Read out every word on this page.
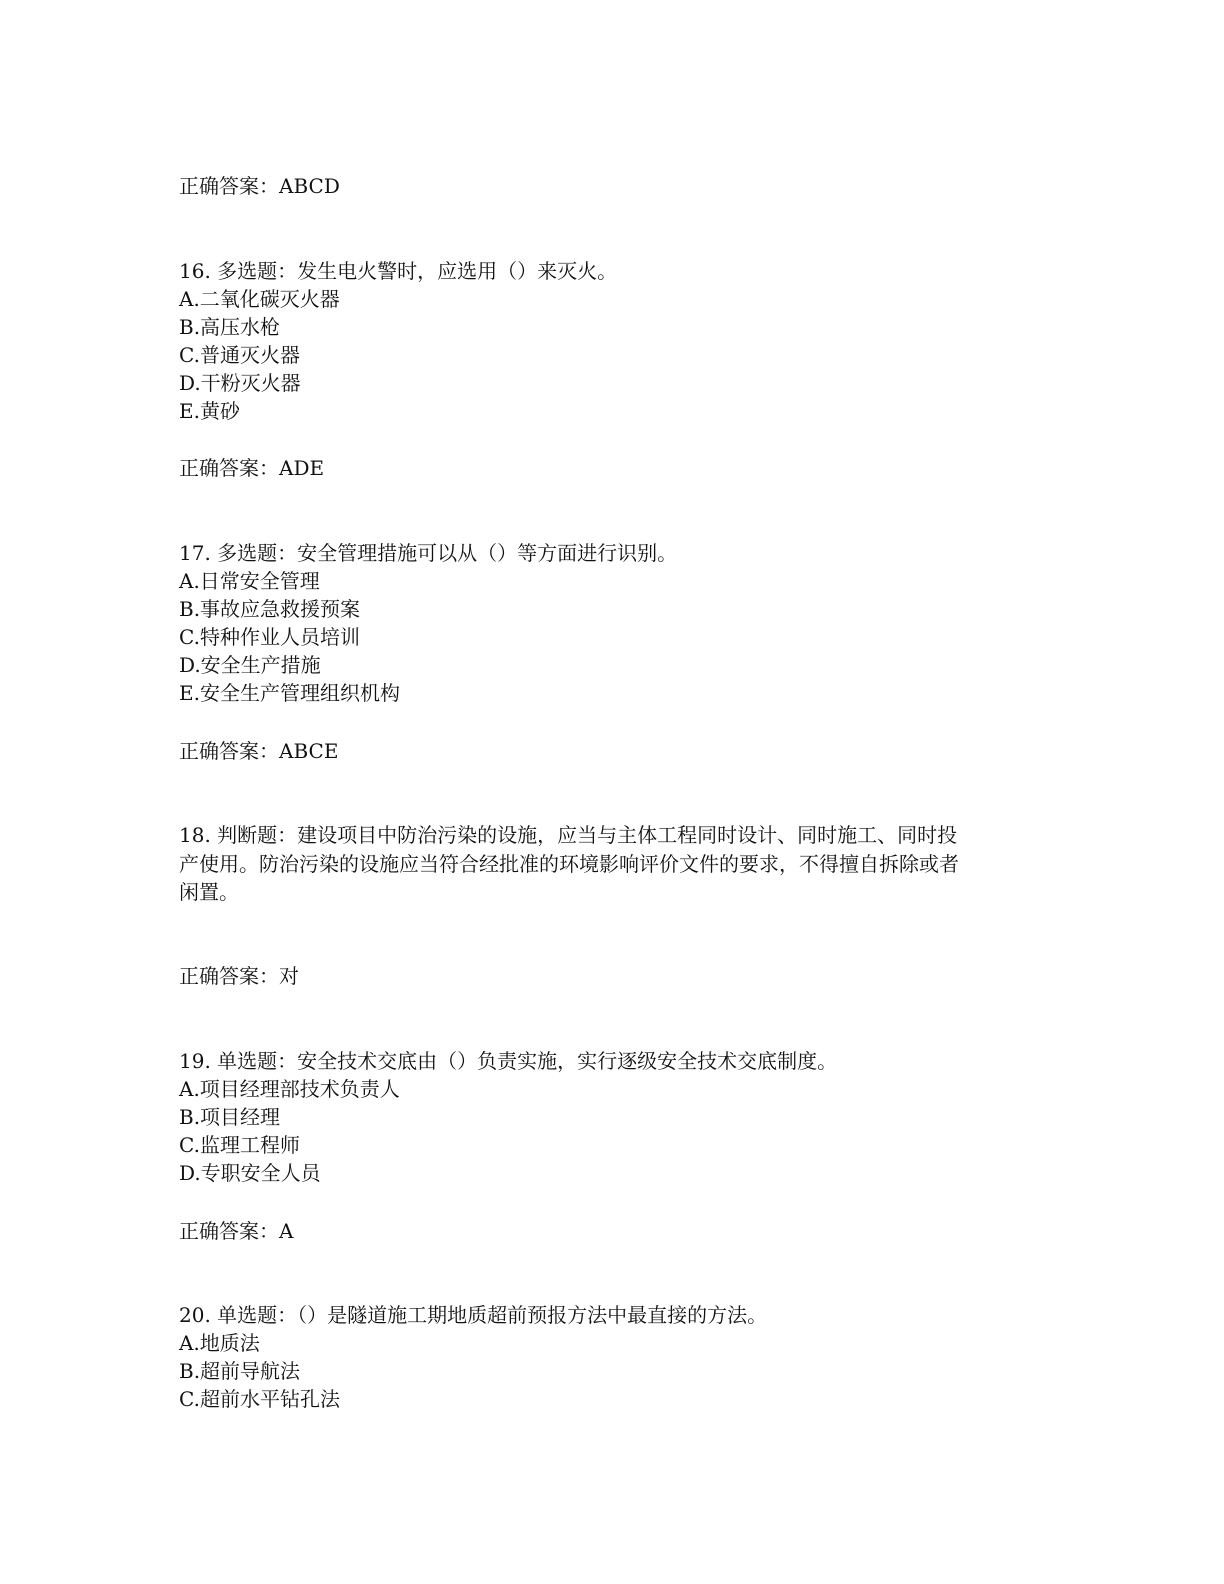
正确答案：ABCD
16. 多选题：发生电火警时，应选用（）来灭火。
A.二氧化碳灭火器
B.高压水枪
C.普通灭火器
D.干粉灭火器
E.黄砂
正确答案：ADE
17. 多选题：安全管理措施可以从（）等方面进行识别。
A.日常安全管理
B.事故应急救援预案
C.特种作业人员培训
D.安全生产措施
E.安全生产管理组织机构
正确答案：ABCE
18. 判断题：建设项目中防治污染的设施，应当与主体工程同时设计、同时施工、同时投
产使用。防治污染的设施应当符合经批准的环境影响评价文件的要求，不得擅自拆除或者
闲置。
正确答案：对
19. 单选题：安全技术交底由（）负责实施，实行逐级安全技术交底制度。
A.项目经理部技术负责人
B.项目经理
C.监理工程师
D.专职安全人员
正确答案：A
20. 单选题：（）是隧道施工期地质超前预报方法中最直接的方法。
A.地质法
B.超前导航法
C.超前水平钻孔法
